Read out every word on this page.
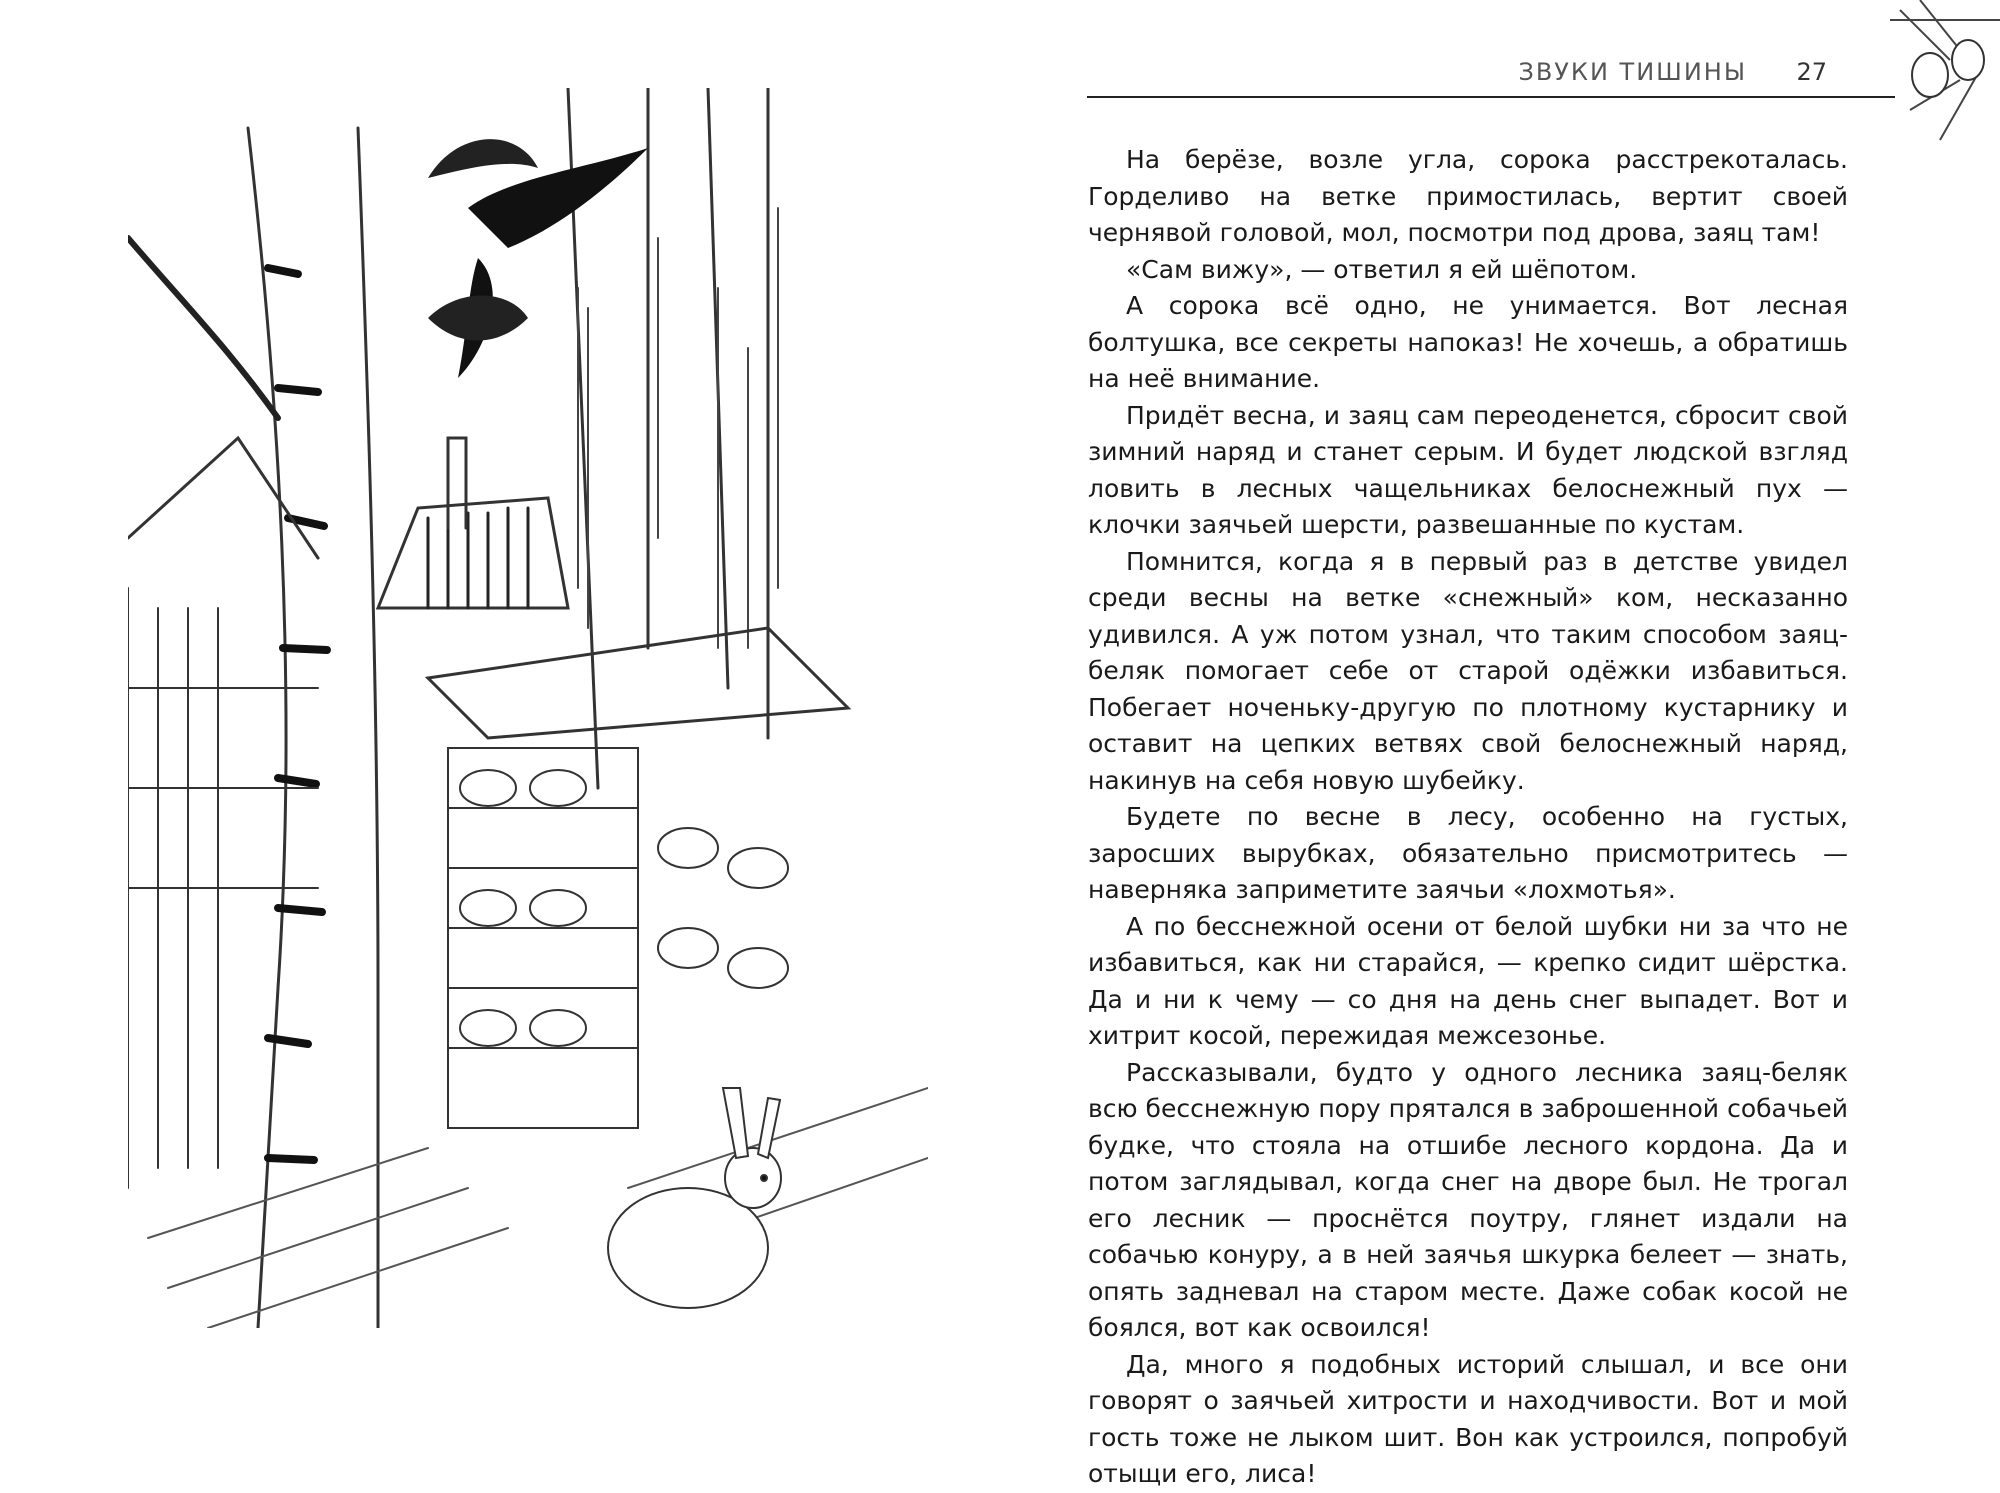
ЗВУКИ ТИШИНЫ 27

На берёзе, возле угла, сорока расстрекоталась. Горделиво на ветке примостилась, вертит своей чернявой головой, мол, посмотри под дрова, заяц там!

«Сам вижу», — ответил я ей шёпотом.

А сорока всё одно, не унимается. Вот лесная болтушка, все секреты напоказ! Не хочешь, а обратишь на неё внимание.

Придёт весна, и заяц сам переоденется, сбросит свой зимний наряд и станет серым. И будет людской взгляд ловить в лесных чащельниках белоснежный пух — клочки заячьей шерсти, развешанные по кустам.

Помнится, когда я в первый раз в детстве увидел среди весны на ветке «снежный» ком, несказанно удивился. А уж потом узнал, что таким способом заяц-беляк помогает себе от старой одёжки избавиться. Побегает ноченьку-другую по плотному кустарнику и оставит на цепких ветвях свой белоснежный наряд, накинув на себя новую шубейку.

Будете по весне в лесу, особенно на густых, заросших вырубках, обязательно присмотритесь — наверняка заприметите заячьи «лохмотья».

А по бесснежной осени от белой шубки ни за что не избавиться, как ни старайся, — крепко сидит шёрстка. Да и ни к чему — со дня на день снег выпадет. Вот и хитрит косой, пережидая межсезонье.

Рассказывали, будто у одного лесника заяц-беляк всю бесснежную пору прятался в заброшенной собачьей будке, что стояла на отшибе лесного кордона. Да и потом заглядывал, когда снег на дворе был. Не трогал его лесник — проснётся поутру, глянет издали на собачью конуру, а в ней заячья шкурка белеет — знать, опять задневал на старом месте. Даже собак косой не боялся, вот как освоился!

Да, много я подобных историй слышал, и все они говорят о заячьей хитрости и находчивости. Вот и мой гость тоже не лыком шит. Вон как устроился, попробуй отыщи его, лиса!
